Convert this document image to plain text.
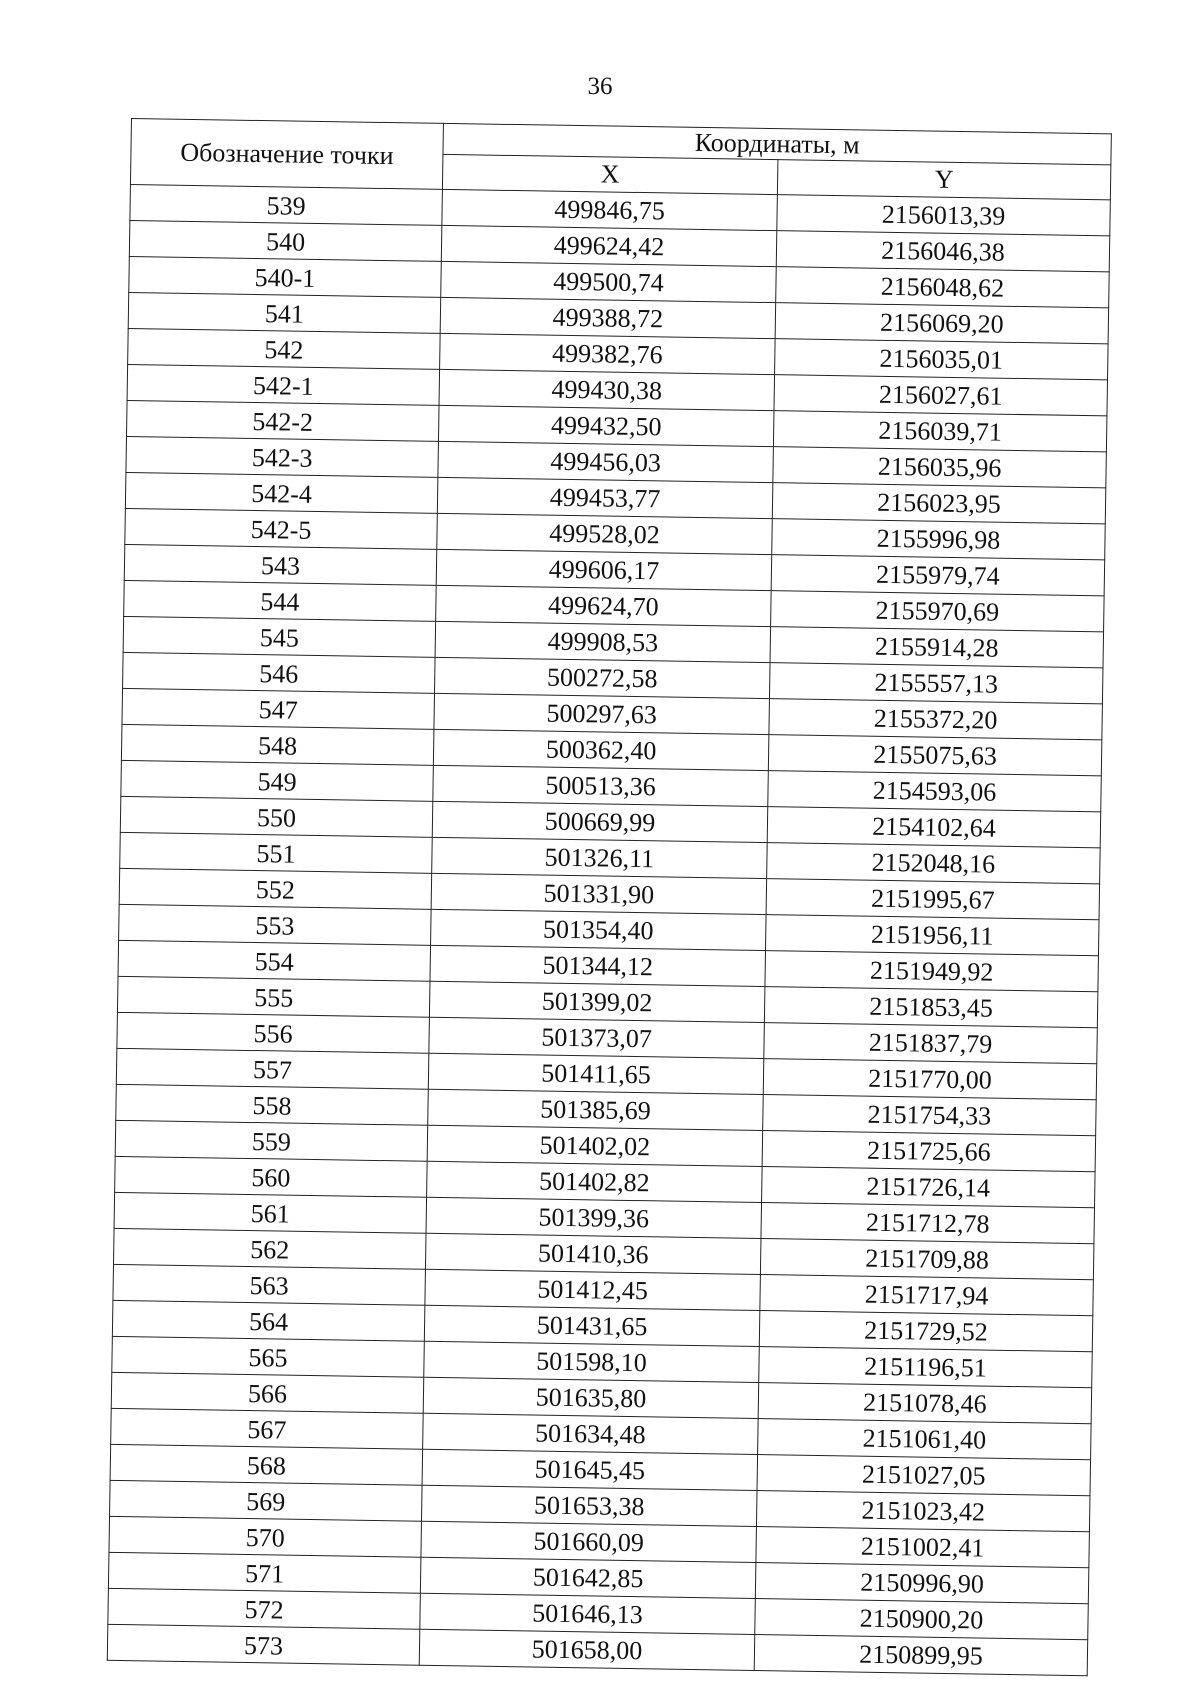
36
Обозначение точки	Координаты, м	
	X	Y
539	499846,75	2156013,39
540	499624,42	2156046,38
540-1	499500,74	2156048,62
541	499388,72	2156069,20
542	499382,76	2156035,01
542-1	499430,38	2156027,61
542-2	499432,50	2156039,71
542-3	499456,03	2156035,96
542-4	499453,77	2156023,95
542-5	499528,02	2155996,98
543	499606,17	2155979,74
544	499624,70	2155970,69
545	499908,53	2155914,28
546	500272,58	2155557,13
547	500297,63	2155372,20
548	500362,40	2155075,63
549	500513,36	2154593,06
550	500669,99	2154102,64
551	501326,11	2152048,16
552	501331,90	2151995,67
553	501354,40	2151956,11
554	501344,12	2151949,92
555	501399,02	2151853,45
556	501373,07	2151837,79
557	501411,65	2151770,00
558	501385,69	2151754,33
559	501402,02	2151725,66
560	501402,82	2151726,14
561	501399,36	2151712,78
562	501410,36	2151709,88
563	501412,45	2151717,94
564	501431,65	2151729,52
565	501598,10	2151196,51
566	501635,80	2151078,46
567	501634,48	2151061,40
568	501645,45	2151027,05
569	501653,38	2151023,42
570	501660,09	2151002,41
571	501642,85	2150996,90
572	501646,13	2150900,20
573	501658,00	2150899,95
